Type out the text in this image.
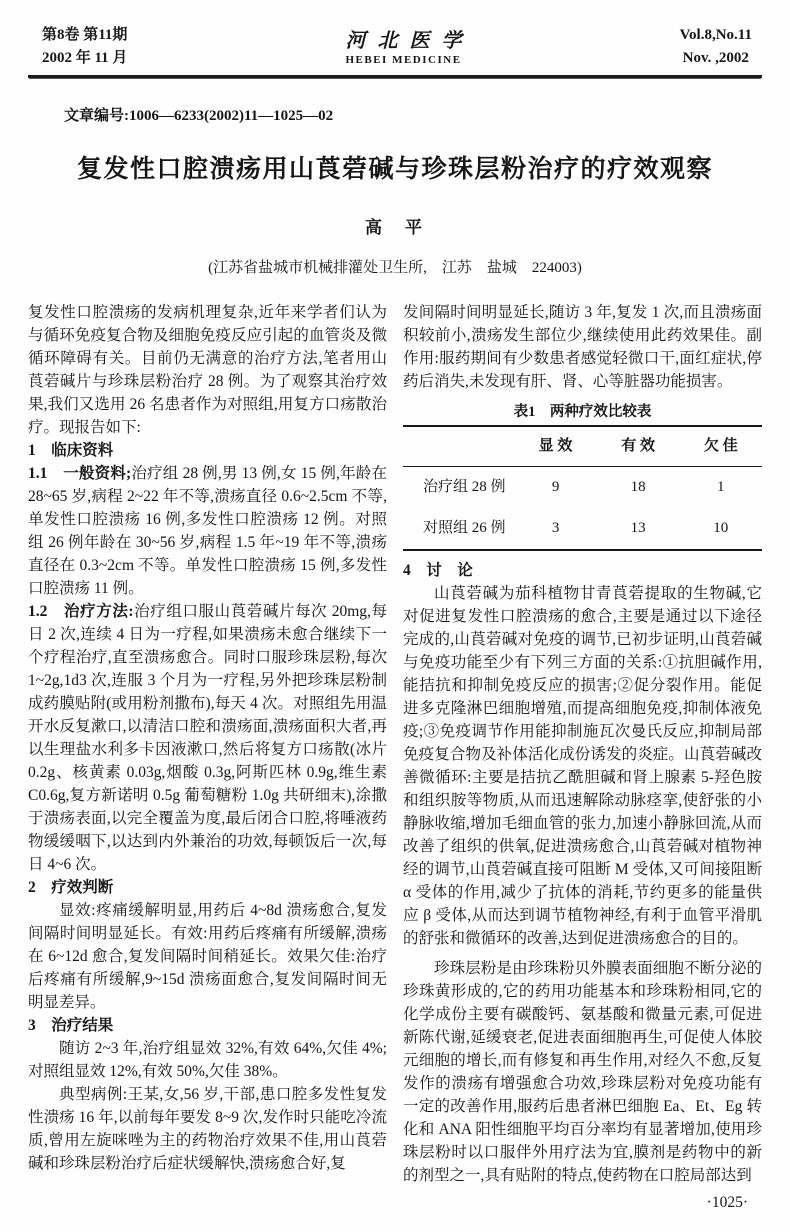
第8卷 第11期
2002 年 11 月
河北医学
HEBEI MEDICINE
Vol.8,No.11
Nov. ,2002
文章编号:1006—6233(2002)11—1025—02
复发性口腔溃疡用山莨菪碱与珍珠层粉治疗的疗效观察
高　平
(江苏省盐城市机械排灌处卫生所,　江苏　盐城　224003)

复发性口腔溃疡的发病机理复杂,近年来学者们认为与循环免疫复合物及细胞免疫反应引起的血管炎及微循环障碍有关。目前仍无满意的治疗方法,笔者用山莨菪碱片与珍珠层粉治疗 28 例。为了观察其治疗效果,我们又选用 26 名患者作为对照组,用复方口疡散治疗。现报告如下:

1　临床资料

1.1　一般资料;治疗组 28 例,男 13 例,女 15 例,年龄在 28~65 岁,病程 2~22 年不等,溃疡直径 0.6~2.5cm 不等,单发性口腔溃疡 16 例,多发性口腔溃疡 12 例。对照组 26 例年龄在 30~56 岁,病程 1.5 年~19 年不等,溃疡直径在 0.3~2cm 不等。单发性口腔溃疡 15 例,多发性口腔溃疡 11 例。

1.2　治疗方法:治疗组口服山莨菪碱片每次 20mg,每日 2 次,连续 4 日为一疗程,如果溃疡未愈合继续下一个疗程治疗,直至溃疡愈合。同时口服珍珠层粉,每次 1~2g,1d3 次,连服 3 个月为一疗程,另外把珍珠层粉制成药膜贴附(或用粉剂撒布),每天 4 次。对照组先用温开水反复漱口,以清洁口腔和溃疡面,溃疡面积大者,再以生理盐水利多卡因液漱口,然后将复方口疡散(冰片 0.2g、核黄素 0.03g,烟酸 0.3g,阿斯匹林 0.9g,维生素 C0.6g,复方新诺明 0.5g 葡萄糖粉 1.0g 共研细末),涂撒于溃疡表面,以完全覆盖为度,最后闭合口腔,将唾液药物缓缓咽下,以达到内外兼治的功效,每顿饭后一次,每日 4~6 次。

2　疗效判断

显效:疼痛缓解明显,用药后 4~8d 溃疡愈合,复发间隔时间明显延长。有效:用药后疼痛有所缓解,溃疡在 6~12d 愈合,复发间隔时间稍延长。效果欠佳:治疗后疼痛有所缓解,9~15d 溃疡面愈合,复发间隔时间无明显差异。

3　治疗结果

随访 2~3 年,治疗组显效 32%,有效 64%,欠佳 4%;对照组显效 12%,有效 50%,欠佳 38%。

典型病例:王某,女,56 岁,干部,患口腔多发性复发性溃疡 16 年,以前每年要发 8~9 次,发作时只能吃冷流质,曾用左旋咪唑为主的药物治疗效果不佳,用山莨菪碱和珍珠层粉治疗后症状缓解快,溃疡愈合好,复

发间隔时间明显延长,随访 3 年,复发 1 次,而且溃疡面积较前小,溃疡发生部位少,继续使用此药效果佳。副作用:服药期间有少数患者感觉轻微口干,面红症状,停药后消失,未发现有肝、肾、心等脏器功能损害。

表1　两种疗效比较表
	显 效	有 效	欠 佳
治疗组 28 例	9	18	1
对照组 26 例	3	13	10
4　讨　论

山莨菪碱为茄科植物甘青莨菪提取的生物碱,它对促进复发性口腔溃疡的愈合,主要是通过以下途径完成的,山莨菪碱对免疫的调节,已初步证明,山莨菪碱与免疫功能至少有下列三方面的关系:①抗胆碱作用,能拮抗和抑制免疫反应的损害;②促分裂作用。能促进多克隆淋巴细胞增殖,而提高细胞免疫,抑制体液免疫;③免疫调节作用能抑制施瓦次曼氏反应,抑制局部免疫复合物及补体活化成份诱发的炎症。山莨菪碱改善微循环:主要是拮抗乙酰胆碱和肾上腺素 5-羟色胺和组织胺等物质,从而迅速解除动脉痉挛,使舒张的小静脉收缩,增加毛细血管的张力,加速小静脉回流,从而改善了组织的供氧,促进溃疡愈合,山莨菪碱对植物神经的调节,山莨菪碱直接可阻断 M 受体,又可间接阻断 α 受体的作用,减少了抗体的消耗,节约更多的能量供应 β 受体,从而达到调节植物神经,有利于血管平滑肌的舒张和微循环的改善,达到促进溃疡愈合的目的。

珍珠层粉是由珍珠粉贝外膜表面细胞不断分泌的珍珠黄形成的,它的药用功能基本和珍珠粉相同,它的化学成份主要有碳酸钙、氨基酸和微量元素,可促进新陈代谢,延缓衰老,促进表面细胞再生,可促使人体胶元细胞的增长,而有修复和再生作用,对经久不愈,反复发作的溃疡有增强愈合功效,珍珠层粉对免疫功能有一定的改善作用,服药后患者淋巴细胞 Ea、Et、Eg 转化和 ANA 阳性细胞平均百分率均有显著增加,使用珍珠层粉时以口服伴外用疗法为宜,膜剂是药物中的新的剂型之一,具有贴附的特点,使药物在口腔局部达到

·1025·
